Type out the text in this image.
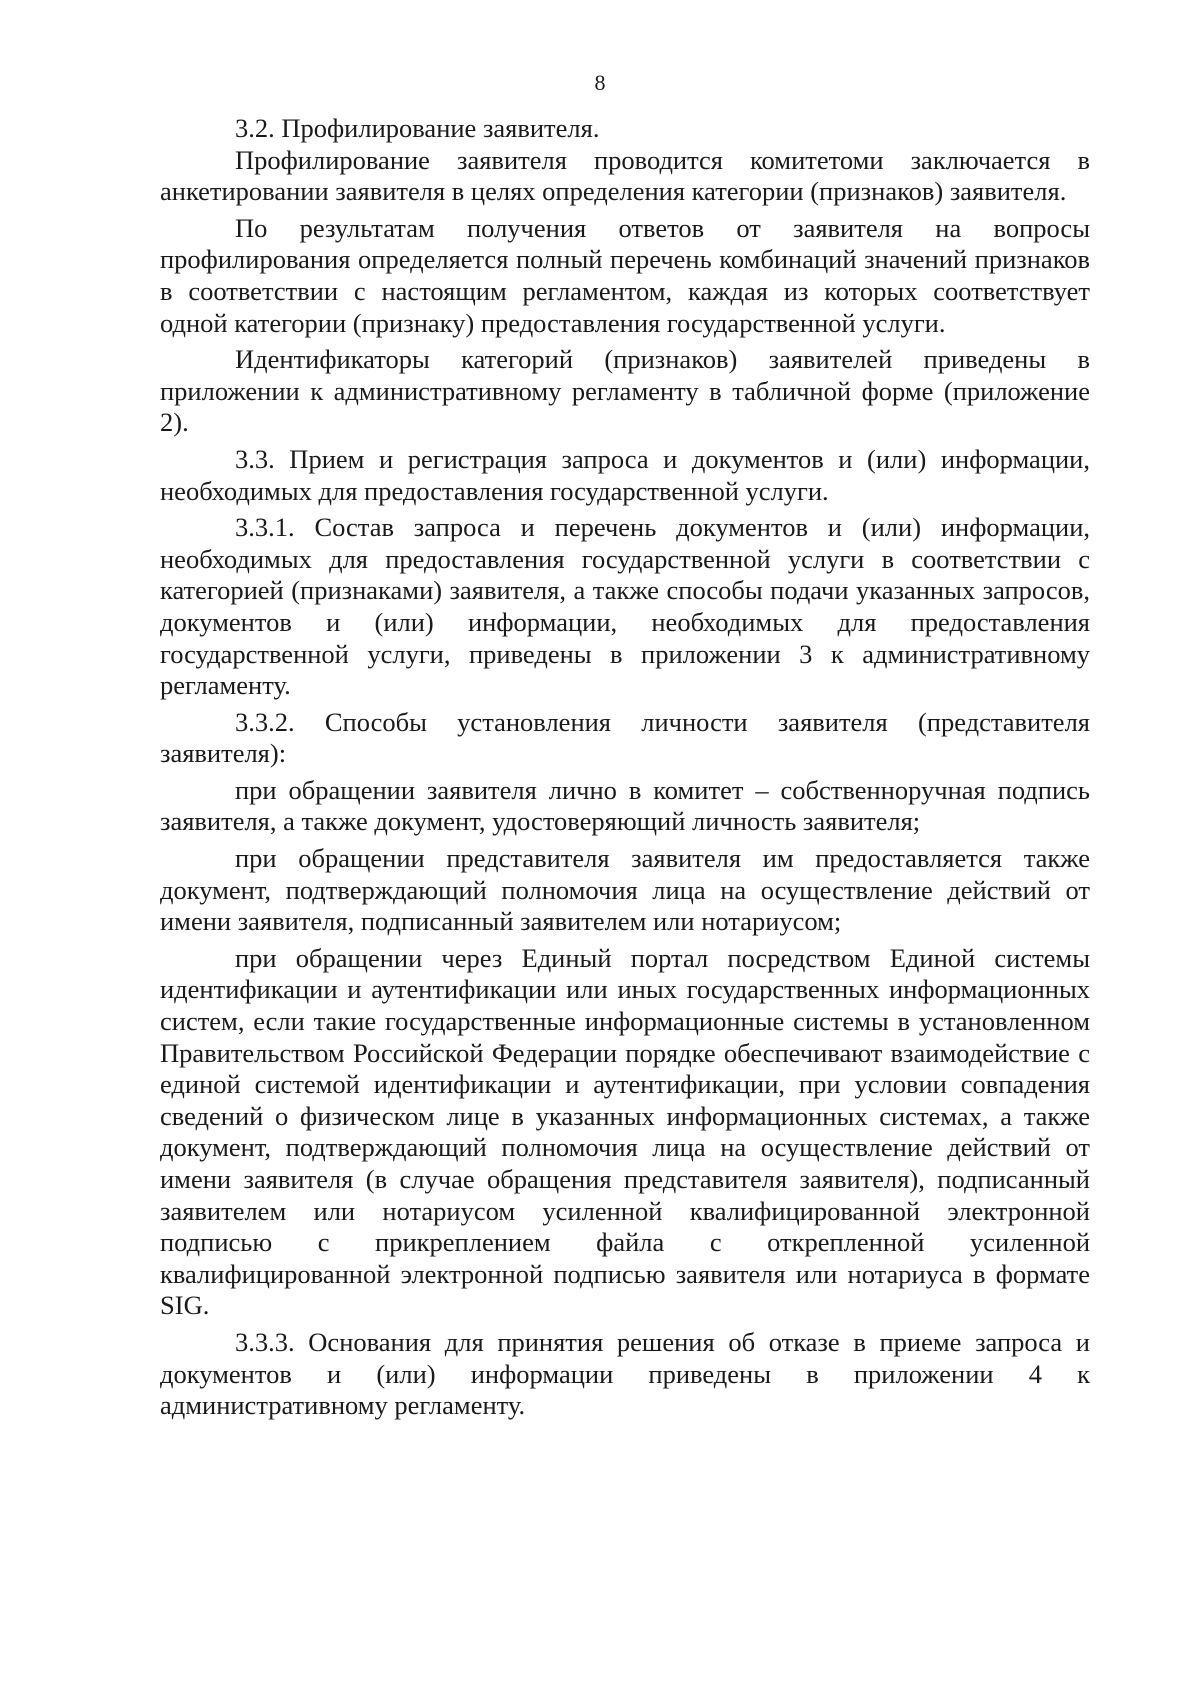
8

3.2. Профилирование заявителя.

Профилирование заявителя проводится комитетоми заключается в анкетировании заявителя в целях определения категории (признаков) заявителя.

По результатам получения ответов от заявителя на вопросы профилирования определяется полный перечень комбинаций значений признаков в соответствии с настоящим регламентом, каждая из которых соответствует одной категории (признаку) предоставления государственной услуги.

Идентификаторы категорий (признаков) заявителей приведены в приложении к административному регламенту в табличной форме (приложение 2).

3.3. Прием и регистрация запроса и документов и (или) информации, необходимых для предоставления государственной услуги.

3.3.1. Состав запроса и перечень документов и (или) информации, необходимых для предоставления государственной услуги в соответствии с категорией (признаками) заявителя, а также способы подачи указанных запросов, документов и (или) информации, необходимых для предоставления государственной услуги, приведены в приложении 3 к административному регламенту.

3.3.2. Способы установления личности заявителя (представителя заявителя):

при обращении заявителя лично в комитет – собственноручная подпись заявителя, а также документ, удостоверяющий личность заявителя;

при обращении представителя заявителя им предоставляется также документ, подтверждающий полномочия лица на осуществление действий от имени заявителя, подписанный заявителем или нотариусом;

при обращении через Единый портал посредством Единой системы идентификации и аутентификации или иных государственных информационных систем, если такие государственные информационные системы в установленном Правительством Российской Федерации порядке обеспечивают взаимодействие с единой системой идентификации и аутентификации, при условии совпадения сведений о физическом лице в указанных информационных системах, а также документ, подтверждающий полномочия лица на осуществление действий от имени заявителя (в случае обращения представителя заявителя), подписанный заявителем или нотариусом усиленной квалифицированной электронной подписью с прикреплением файла с открепленной усиленной квалифицированной электронной подписью заявителя или нотариуса в формате SIG.

3.3.3. Основания для принятия решения об отказе в приеме запроса и документов и (или) информации приведены в приложении 4 к административному регламенту.
